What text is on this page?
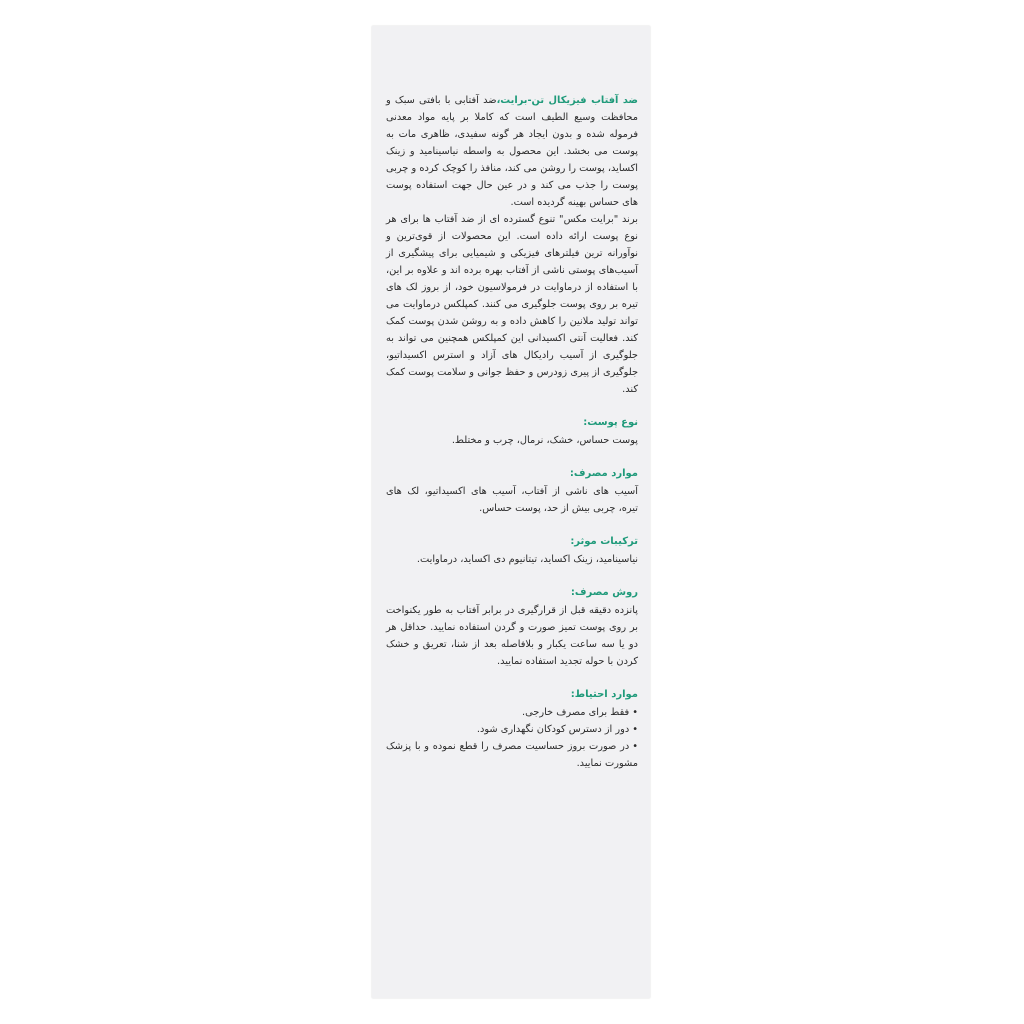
ضد آفتاب فیزیکال تن-برایت،ضد آفتابی با بافتی سبک و محافظت وسیع الطیف است که کاملا بر پایه مواد معدنی فرموله شده و بدون ایجاد هر گونه سفیدی، ظاهری مات به پوست می بخشد. این محصول به واسطه نیاسینامید و زینک اکساید، پوست را روشن می کند، منافذ را کوچک کرده و چربی پوست را جذب می کند و در عین حال جهت استفاده پوست های حساس بهینه گردیده است.

برند "برایت مکس" تنوع گسترده ای از ضد آفتاب ها برای هر نوع پوست ارائه داده است. این محصولات از قوی‌ترین و نوآورانه ترین فیلترهای فیزیکی و شیمیایی برای پیشگیری از آسیب‌های پوستی ناشی از آفتاب بهره برده اند و علاوه بر این، با استفاده از درماوایت در فرمولاسیون خود، از بروز لک های تیره بر روی پوست جلوگیری می کنند. کمپلکس درماوایت می تواند تولید ملانین را کاهش داده و به روشن شدن پوست کمک کند. فعالیت آنتی اکسیدانی این کمپلکس همچنین می تواند به جلوگیری از آسیب رادیکال های آزاد و استرس اکسیداتیو، جلوگیری از پیری زودرس و حفظ جوانی و سلامت پوست کمک کند.

نوع پوست:

پوست حساس، خشک، نرمال، چرب و مختلط.

موارد مصرف:

آسیب های ناشی از آفتاب، آسیب های اکسیداتیو، لک های تیره، چربی بیش از حد، پوست حساس.

ترکیبات موثر:

نیاسینامید، زینک اکساید، تیتانیوم دی اکساید، درماوایت.

روش مصرف:

پانزده دقیقه قبل از قرارگیری در برابر آفتاب به طور یکنواخت بر روی پوست تمیز صورت و گردن استفاده نمایید. حداقل هر دو یا سه ساعت یکبار و بلافاصله بعد از شنا، تعریق و خشک کردن با حوله تجدید استفاده نمایید.

موارد احتیاط:

•فقط برای مصرف خارجی.
•دور از دسترس کودکان نگهداری شود.
•در صورت بروز حساسیت مصرف را قطع نموده و با پزشک مشورت نمایید.
